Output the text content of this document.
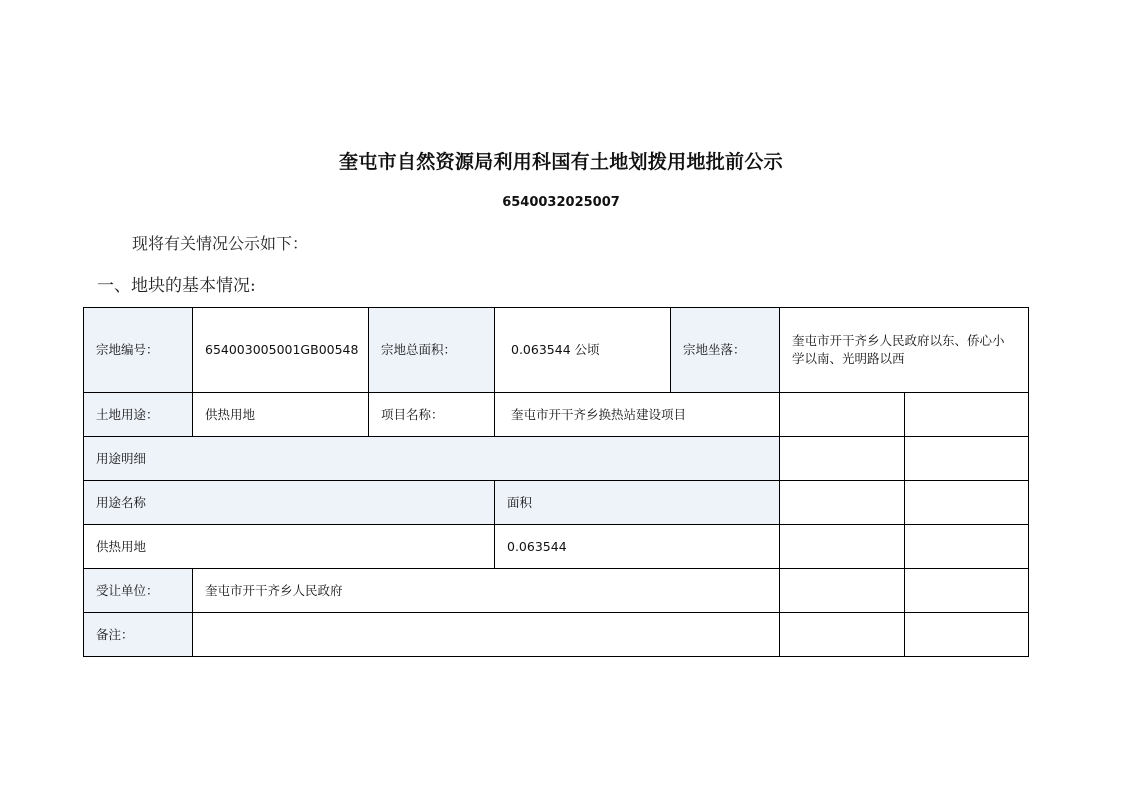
奎屯市自然资源局利用科国有土地划拨用地批前公示
6540032025007
现将有关情况公示如下：
一、地块的基本情况:
宗地编号：	654003005001GB00548	宗地总面积：	0.063544 公顷	宗地坐落：	奎屯市开干齐乡人民政府以东、侨心小学以南、光明路以西	
土地用途：	供热用地	项目名称：	奎屯市开干齐乡换热站建设项目			
用途明细						
用途名称			面积			
供热用地			0.063544			
受让单位：	奎屯市开干齐乡人民政府					
备注：						
